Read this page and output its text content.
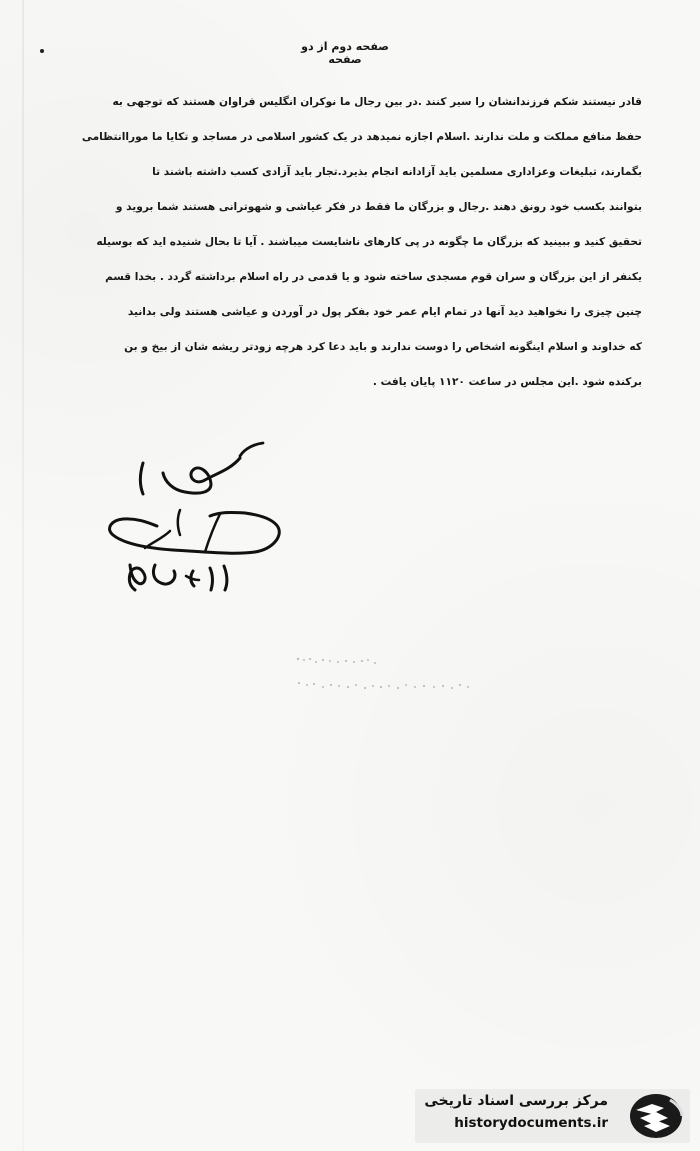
صفحه دوم از دو صفحه
قادر نیستند شکم فرزندانشان را سیر کنند .در بین رجال ما نوکران انگلیس فراوان هستند که توجهی به
حفظ منافع مملکت و ملت ندارند .اسلام اجازه نمیدهد در یک کشور اسلامی در مساجد و تکایا ما موراانتظامی
بگمارند، تبلیغات وعزاداری مسلمین باید آزادانه انجام بذیرد.تجار باید آزادی کسب داشته باشند تا
بتوانند بکسب خود رونق دهند .رجال و بزرگان ما فقط در فکر عیاشی و شهوترانی هستند شما بروید و
تحقیق کنید و ببینید که بزرگان ما چگونه در پی کارهای ناشایست میباشند . آیا تا بحال شنیده اید که بوسیله
یکنفر از این بزرگان و سران قوم مسجدی ساخته شود و یا قدمی در راه اسلام برداشته گردد . بخدا قسم
چنین چیزی را نخواهید دید آنها در تمام ایام عمر خود بفکر پول در آوردن و عیاشی هستند ولی بدانید
که خداوند و اسلام اینگونه اشخاص را دوست ندارند و باید دعا کرد هرچه زودتر ریشه شان از بیخ و بن
برکنده شود .این مجلس در ساعت ۱۱۲۰ پایان یافت .
مرکز بررسی اسناد تاریخی
historydocuments.ir
